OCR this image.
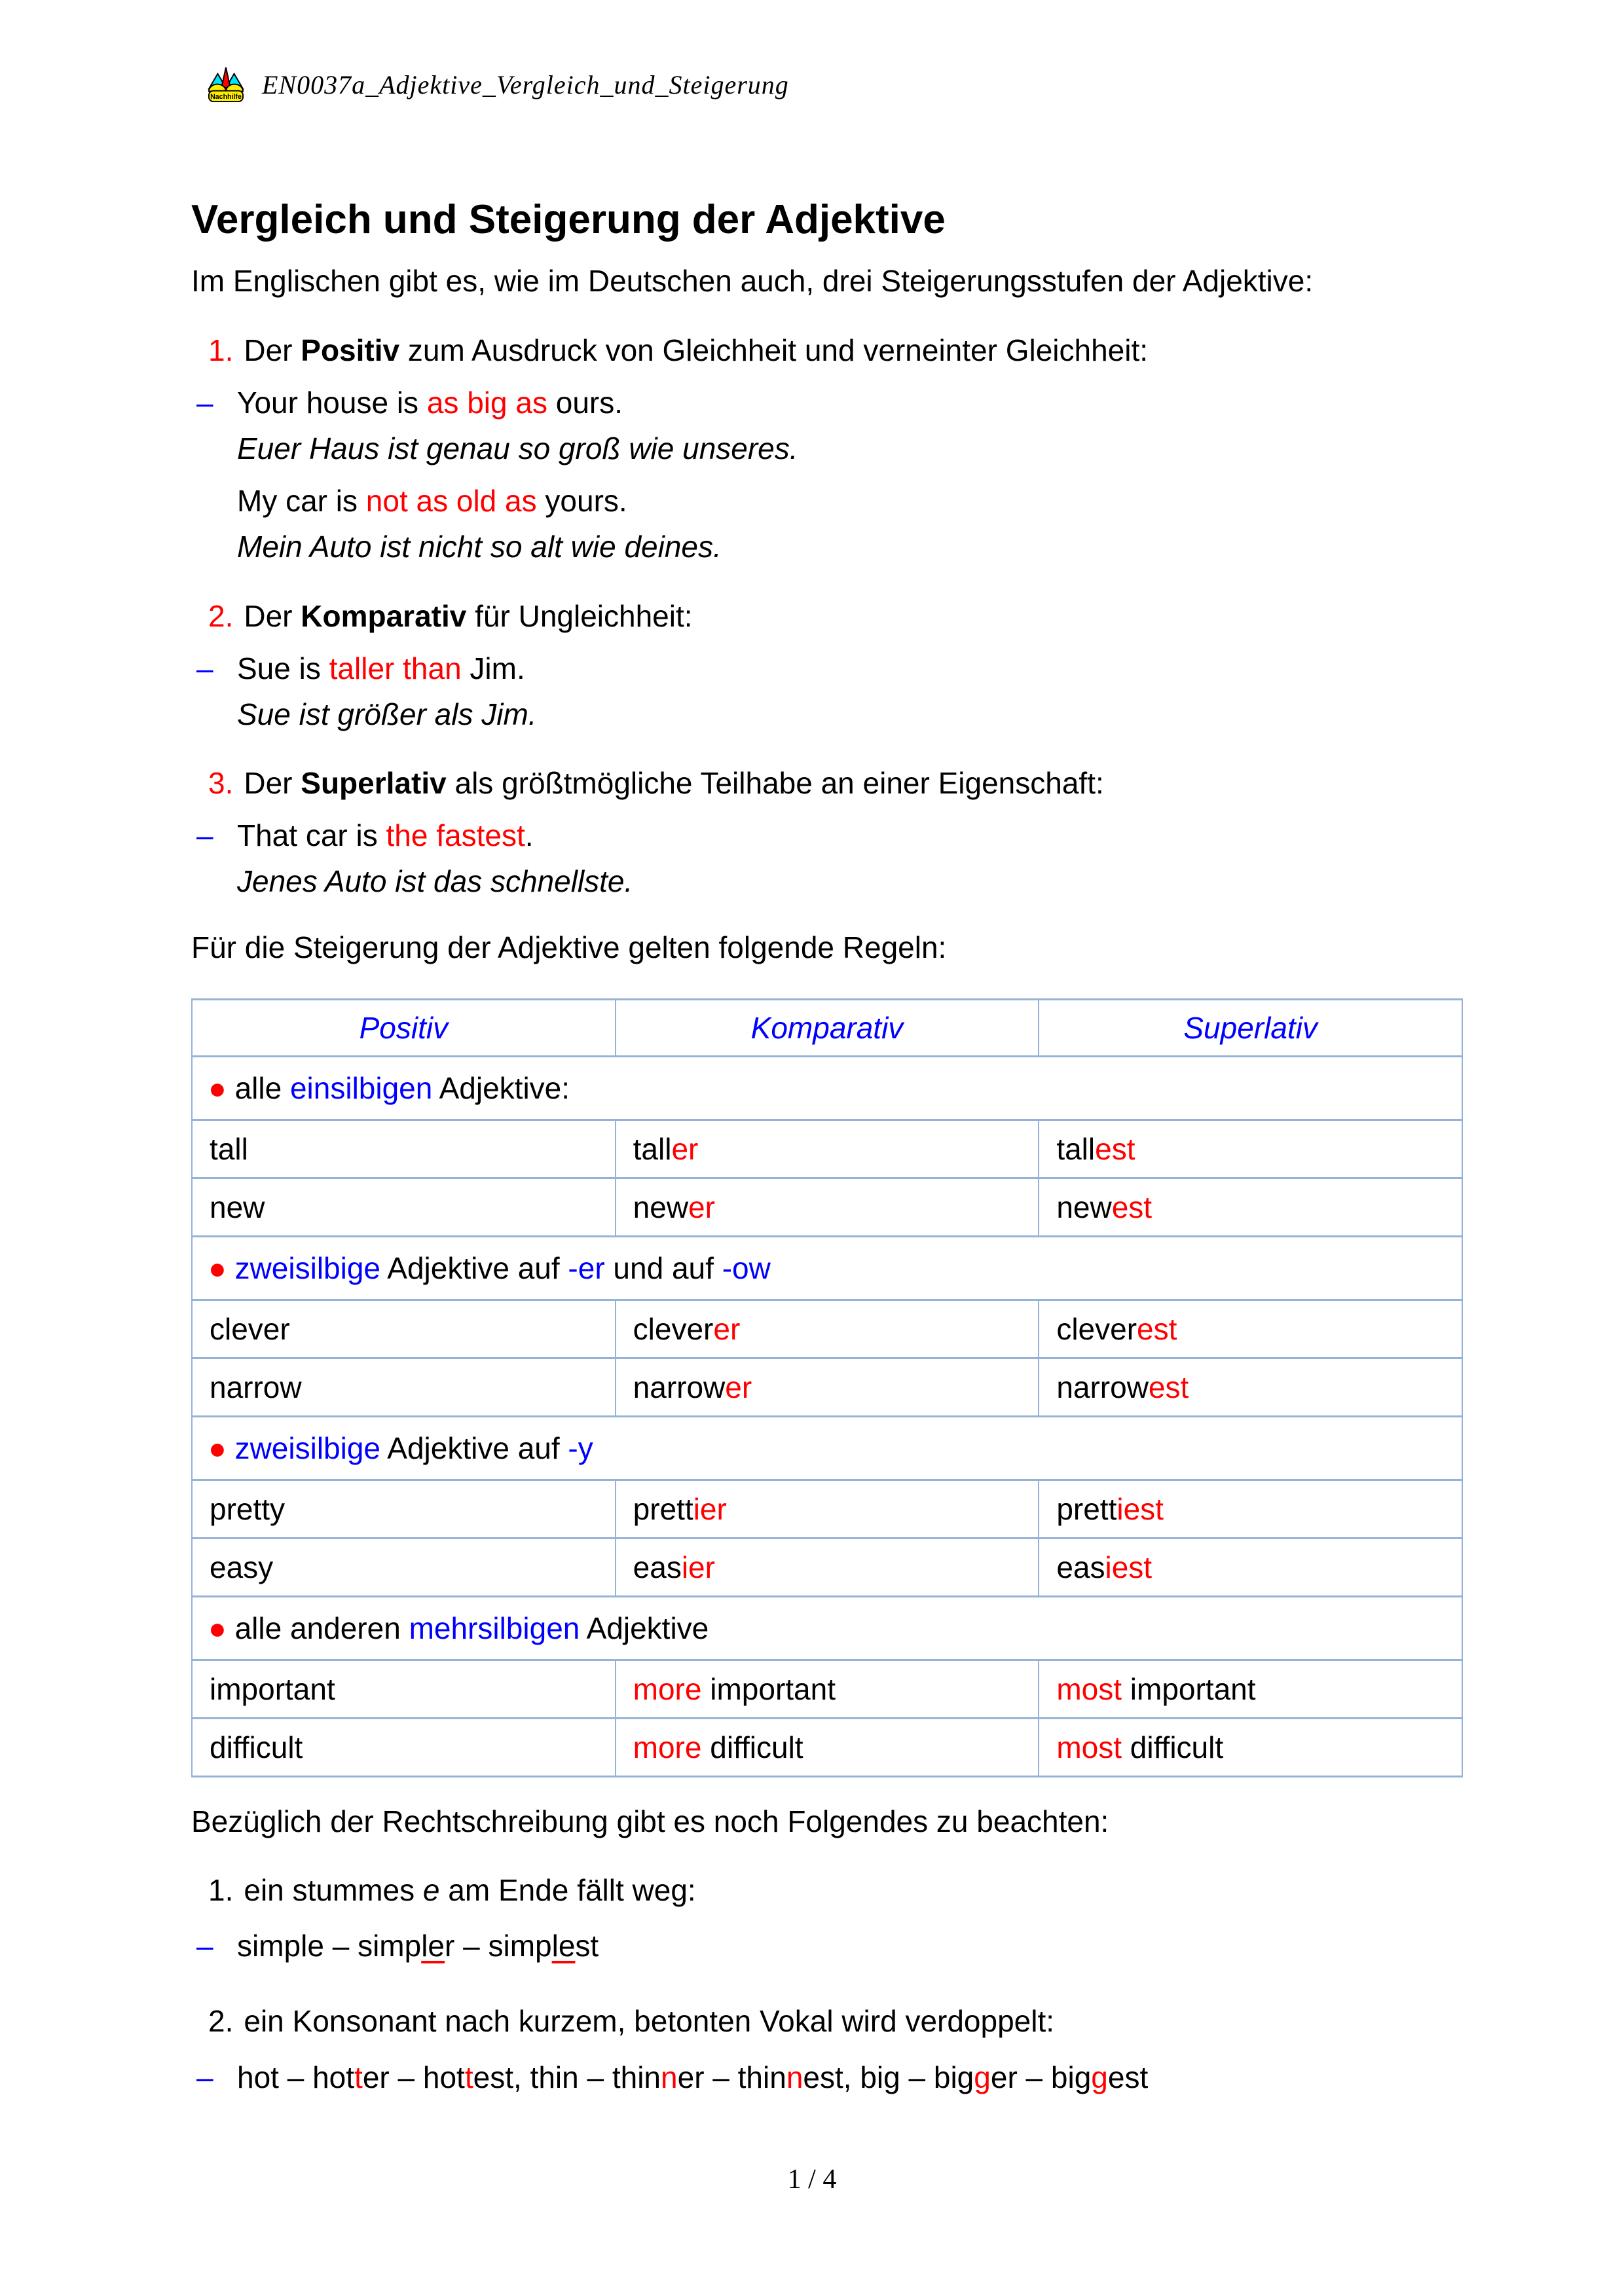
Nachhilfe EN0037a_Adjektive_Vergleich_und_Steigerung
Vergleich und Steigerung der Adjektive

Im Englischen gibt es, wie im Deutschen auch, drei Steigerungsstufen der Adjektive:

1. Der Positiv zum Ausdruck von Gleichheit und verneinter Gleichheit:
– Your house is as big as ours.
Euer Haus ist genau so groß wie unseres.
My car is not as old as yours.
Mein Auto ist nicht so alt wie deines.
2. Der Komparativ für Ungleichheit:
– Sue is taller than Jim.
Sue ist größer als Jim.
3. Der Superlativ als größtmögliche Teilhabe an einer Eigenschaft:
– That car is the fastest.
Jenes Auto ist das schnellste.

Für die Steigerung der Adjektive gelten folgende Regeln:

Positiv	Komparativ	Superlativ
● alle einsilbigen Adjektive:		
tall	taller	tallest
new	newer	newest
● zweisilbige Adjektive auf -er und auf -ow		
clever	cleverer	cleverest
narrow	narrower	narrowest
● zweisilbige Adjektive auf -y		
pretty	prettier	prettiest
easy	easier	easiest
● alle anderen mehrsilbigen Adjektive		
important	more important	most important
difficult	more difficult	most difficult

Bezüglich der Rechtschreibung gibt es noch Folgendes zu beachten:

1. ein stummes e am Ende fällt weg:
– simple – simpler – simplest
2. ein Konsonant nach kurzem, betonten Vokal wird verdoppelt:
– hot – hotter – hottest, thin – thinner – thinnest, big – bigger – biggest
1 / 4
